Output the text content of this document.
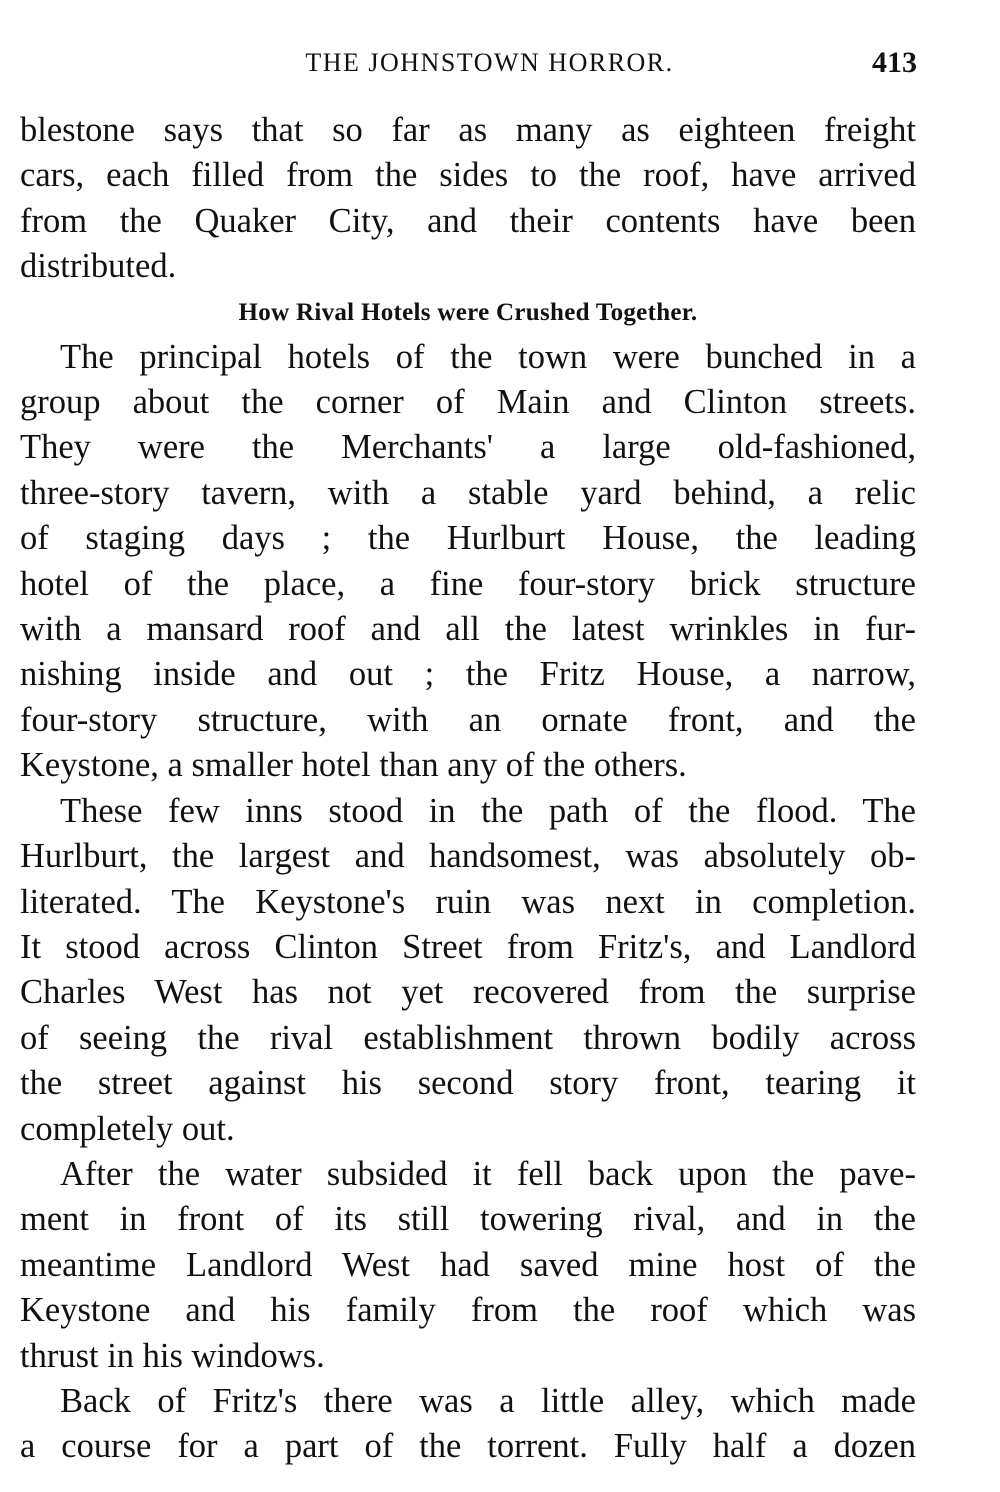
THE JOHNSTOWN HORROR.	413
blestone says that so far as many as eighteen freight
cars, each filled from the sides to the roof, have arrived
from the Quaker City, and their contents have been
distributed.
How Rival Hotels were Crushed Together.
The principal hotels of the town were bunched in a
group about the corner of Main and Clinton streets.
They were the Merchants' a large old-fashioned,
three-story tavern, with a stable yard behind, a relic
of staging days ; the Hurlburt House, the leading
hotel of the place, a fine four-story brick structure
with a mansard roof and all the latest wrinkles in fur-
nishing inside and out ; the Fritz House, a narrow,
four-story structure, with an ornate front, and the
Keystone, a smaller hotel than any of the others.
These few inns stood in the path of the flood. The
Hurlburt, the largest and handsomest, was absolutely ob-
literated. The Keystone's ruin was next in completion.
It stood across Clinton Street from Fritz's, and Landlord
Charles West has not yet recovered from the surprise
of seeing the rival establishment thrown bodily across
the street against his second story front, tearing it
completely out.
After the water subsided it fell back upon the pave-
ment in front of its still towering rival, and in the
meantime Landlord West had saved mine host of the
Keystone and his family from the roof which was
thrust in his windows.
Back of Fritz's there was a little alley, which made
a course for a part of the torrent. Fully half a dozen
